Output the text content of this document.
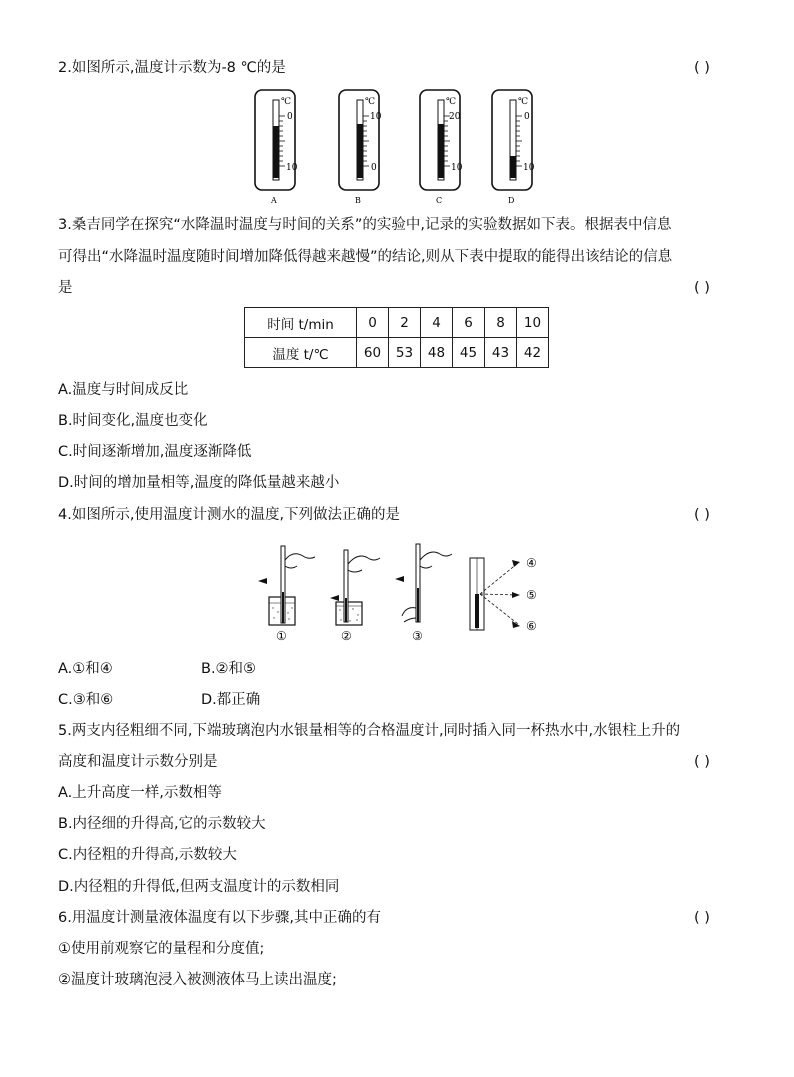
2.如图所示,温度计示数为-8 ℃的是	( )
℃
0
10
A
℃
10
0
B
℃
20
10
C
℃
0
10
D
3.桑吉同学在探究“水降温时温度与时间的关系”的实验中,记录的实验数据如下表。根据表中信息
可得出“水降温时温度随时间增加降低得越来越慢”的结论,则从下表中提取的能得出该结论的信息
是	( )
时间 t/min	0	2	4	6	8	10
温度 t/℃	60	53	48	45	43	42
A.温度与时间成反比
B.时间变化,温度也变化
C.时间逐渐增加,温度逐渐降低
D.时间的增加量相等,温度的降低量越来越小
4.如图所示,使用温度计测水的温度,下列做法正确的是	( )
①	②	③
④
⑤
⑥
A.①和④	B.②和⑤
C.③和⑥	D.都正确
5.两支内径粗细不同,下端玻璃泡内水银量相等的合格温度计,同时插入同一杯热水中,水银柱上升的
高度和温度计示数分别是	( )
A.上升高度一样,示数相等
B.内径细的升得高,它的示数较大
C.内径粗的升得高,示数较大
D.内径粗的升得低,但两支温度计的示数相同
6.用温度计测量液体温度有以下步骤,其中正确的有	( )
①使用前观察它的量程和分度值;
②温度计玻璃泡浸入被测液体马上读出温度;
